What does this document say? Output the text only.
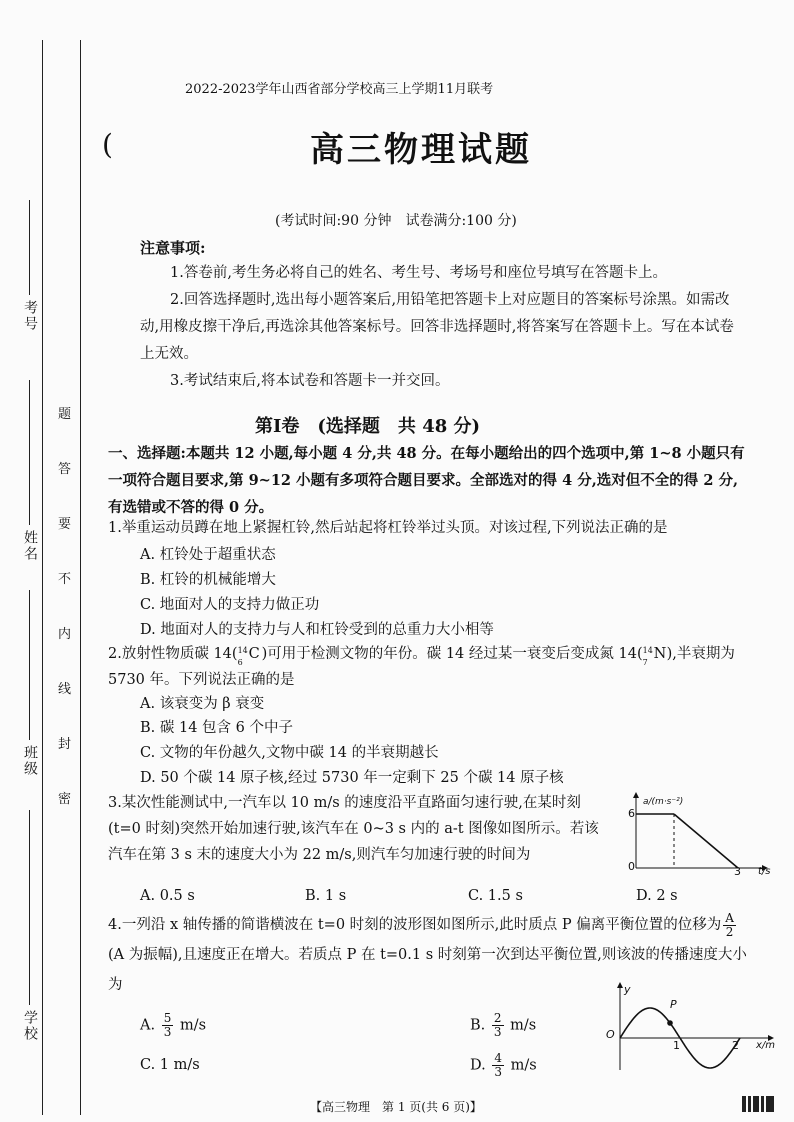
考号
姓名
班级
学校
密
封
线
内
不
要
答
题
2022-2023学年山西省部分学校高三上学期11月联考
(	高三物理试题
(考试时间:90 分钟　试卷满分:100 分)
注意事项:
1.答卷前,考生务必将自己的姓名、考生号、考场号和座位号填写在答题卡上。
2.回答选择题时,选出每小题答案后,用铅笔把答题卡上对应题目的答案标号涂黑。如需改动,用橡皮擦干净后,再选涂其他答案标号。回答非选择题时,将答案写在答题卡上。写在本试卷上无效。
3.考试结束后,将本试卷和答题卡一并交回。
第Ⅰ卷　(选择题　共 48 分)
一、选择题:本题共 12 小题,每小题 4 分,共 48 分。在每小题给出的四个选项中,第 1~8 小题只有一项符合题目要求,第 9~12 小题有多项符合题目要求。全部选对的得 4 分,选对但不全的得 2 分,有选错或不答的得 0 分。
1.举重运动员蹲在地上紧握杠铃,然后站起将杠铃举过头顶。对该过程,下列说法正确的是
A. 杠铃处于超重状态
B. 杠铃的机械能增大
C. 地面对人的支持力做正功
D. 地面对人的支持力与人和杠铃受到的总重力大小相等
2.放射性物质碳 14( 14
6
C )可用于检测文物的年份。碳 14 经过某一衰变后变成氮 14( 14
7
N ),半衰期为 5730 年。下列说法正确的是
A. 该衰变为 β 衰变
B. 碳 14 包含 6 个中子
C. 文物的年份越久,文物中碳 14 的半衰期越长
D. 50 个碳 14 原子核,经过 5730 年一定剩下 25 个碳 14 原子核
3.某次性能测试中,一汽车以 10 m/s 的速度沿平直路面匀速行驶,在某时刻(t=0 时刻)突然开始加速行驶,该汽车在 0~3 s 内的 a-t 图像如图所示。若该汽车在第 3 s 末的速度大小为 22 m/s,则汽车匀加速行驶的时间为
A. 0.5 s	B. 1 s	C. 1.5 s	D. 2 s
a/(m·s⁻²)
6
0	3 t/s
4.一列沿 x 轴传播的简谐横波在 t=0 时刻的波形图如图所示,此时质点 P 偏离平衡位置的位移为 $\frac{A}{2}$
(A 为振幅),且速度正在增大。若质点 P 在 t=0.1 s 时刻第一次到达平衡位置,则该波的传播速度大小为
A. $\frac{5}{3} m/s$	B. $\frac{2}{3} m/s$
C. 1 m/s	D. $\frac{4}{3} m/s$
y
O
P
1	2 x/m
【高三物理　第 1 页(共 6 页)】
